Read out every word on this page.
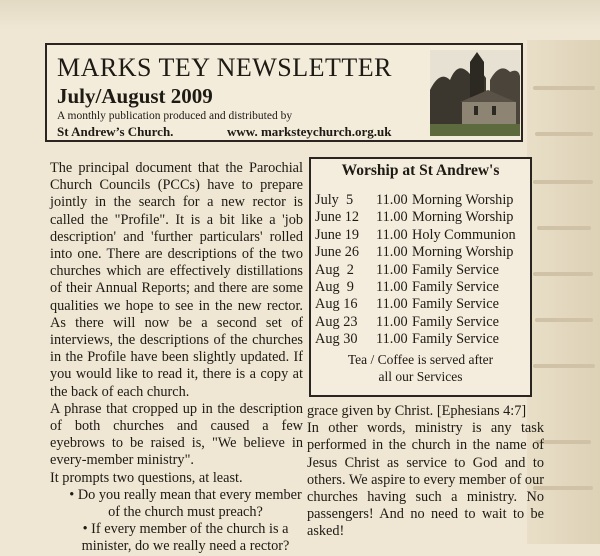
MARKS TEY NEWSLETTER
July/August 2009
A monthly publication produced and distributed by
St Andrew’s Church.	www. marksteychurch.org.uk

The principal document that the Parochial Church Councils (PCCs) have to prepare jointly in the search for a new rector is called the "Profile". It is a bit like a 'job description' and 'further particulars' rolled into one. There are descriptions of the two churches which are effectively distillations of their Annual Reports; and there are some qualities we hope to see in the new rector. As there will now be a second set of interviews, the descriptions of the churches in the Profile have been slightly updated. If you would like to read it, there is a copy at the back of each church.

A phrase that cropped up in the description of both churches and caused a few eyebrows to be raised is, "We believe in every-member ministry".

It prompts two questions, at least.

• Do you really mean that every member of the church must preach?

• If every member of the church is a minister, do we really need a rector?

Worship at St Andrew's
July  5	11.00 Morning Worship
June 12	11.00 Morning Worship
June 19	11.00 Holy Communion
June 26	11.00 Morning Worship
Aug  2	11.00 Family Service
Aug  9	11.00 Family Service
Aug 16	11.00 Family Service
Aug 23	11.00 Family Service
Aug 30	11.00 Family Service
Tea / Coffee is served after
all our Services

grace given by Christ. [Ephesians 4:7]

In other words, ministry is any task performed in the church in the name of Jesus Christ as service to God and to others. We aspire to every member of our churches having such a ministry. No passengers! And no need to wait to be asked!
